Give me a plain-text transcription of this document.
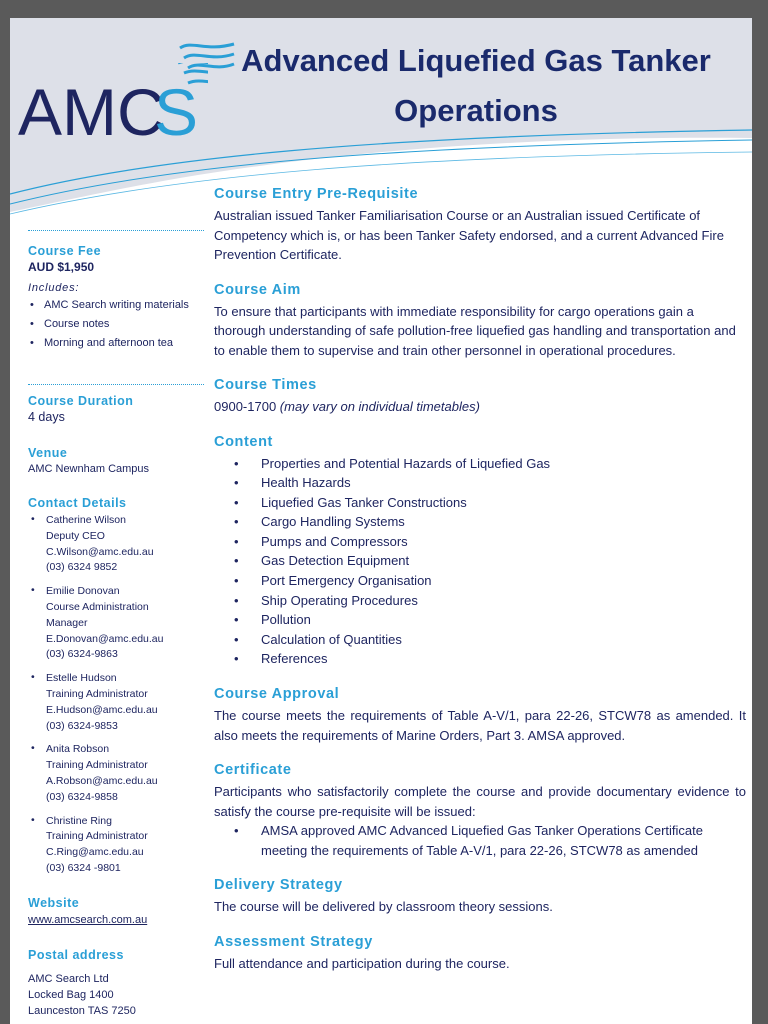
AMC
S
Advanced Liquefied Gas Tanker
Operations
Course Fee
AUD $1,950
Includes:
• AMC Search writing materials
• Course notes
• Morning and afternoon tea
Course Duration
4 days
Venue
AMC Newnham Campus
Contact Details
• Catherine Wilson
Deputy CEO
C.Wilson@amc.edu.au
(03) 6324 9852
• Emilie Donovan
Course Administration Manager
E.Donovan@amc.edu.au
(03) 6324-9863
• Estelle Hudson
Training Administrator
E.Hudson@amc.edu.au
(03) 6324-9853
• Anita Robson
Training Administrator
A.Robson@amc.edu.au
(03) 6324-9858
• Christine Ring
Training Administrator
C.Ring@amc.edu.au
(03) 6324 -9801
Website
www.amcsearch.com.au
Postal address
AMC Search Ltd
Locked Bag 1400
Launceston TAS 7250
Course Entry Pre-Requisite

Australian issued Tanker Familiarisation Course or an Australian issued Certificate of Competency which is, or has been Tanker Safety endorsed, and a current Advanced Fire Prevention Certificate.

Course Aim

To ensure that participants with immediate responsibility for cargo operations gain a thorough understanding of safe pollution-free liquefied gas handling and transportation and to enable them to supervise and train other personnel in operational procedures.

Course Times

0900-1700 (may vary on individual timetables)

Content
• Properties and Potential Hazards of Liquefied Gas
• Health Hazards
• Liquefied Gas Tanker Constructions
• Cargo Handling Systems
• Pumps and Compressors
• Gas Detection Equipment
• Port Emergency Organisation
• Ship Operating Procedures
• Pollution
• Calculation of Quantities
• References
Course Approval

The course meets the requirements of Table A-V/1, para 22-26, STCW78 as amended. It also meets the requirements of Marine Orders, Part 3. AMSA approved.

Certificate

Participants who satisfactorily complete the course and provide documentary evidence to satisfy the course pre-requisite will be issued:

• AMSA approved AMC Advanced Liquefied Gas Tanker Operations Certificate meeting the requirements of Table A-V/1, para 22-26, STCW78 as amended
Delivery Strategy

The course will be delivered by classroom theory sessions.

Assessment Strategy

Full attendance and participation during the course.
